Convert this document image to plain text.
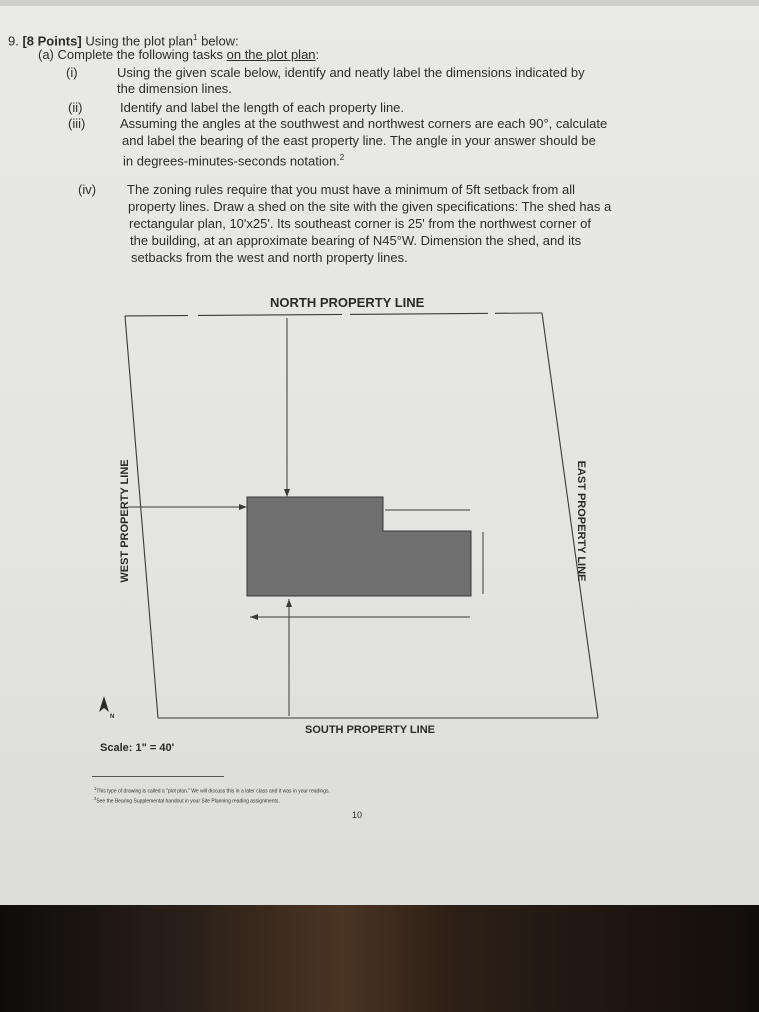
9. [8 Points] Using the plot plan$^1$ below:
(a) Complete the following tasks on the plot plan:
(i)	Using the given scale below, identify and neatly label the dimensions indicated by
the dimension lines.
(ii)	Identify and label the length of each property line.
(iii)	Assuming the angles at the southwest and northwest corners are each 90°, calculate
and label the bearing of the east property line. The angle in your answer should be
in degrees-minutes-seconds notation.$^2$
(iv) The zoning rules require that you must have a minimum of 5ft setback from all
property lines. Draw a shed on the site with the given specifications: The shed has a
rectangular plan, 10'x25'. Its southeast corner is 25' from the northwest corner of
the building, at an approximate bearing of N45°W. Dimension the shed, and its
setbacks from the west and north property lines.
NORTH PROPERTY LINE
SOUTH PROPERTY LINE
WEST PROPERTY LINE	EAST PROPERTY LINE
N
Scale: 1" = 40'
$^1$This type of drawing is called a "plot plan." We will discuss this in a later class and it was in your readings.
$^2$See the Bearing Supplemental handout in your Site Planning reading assignments.
10
